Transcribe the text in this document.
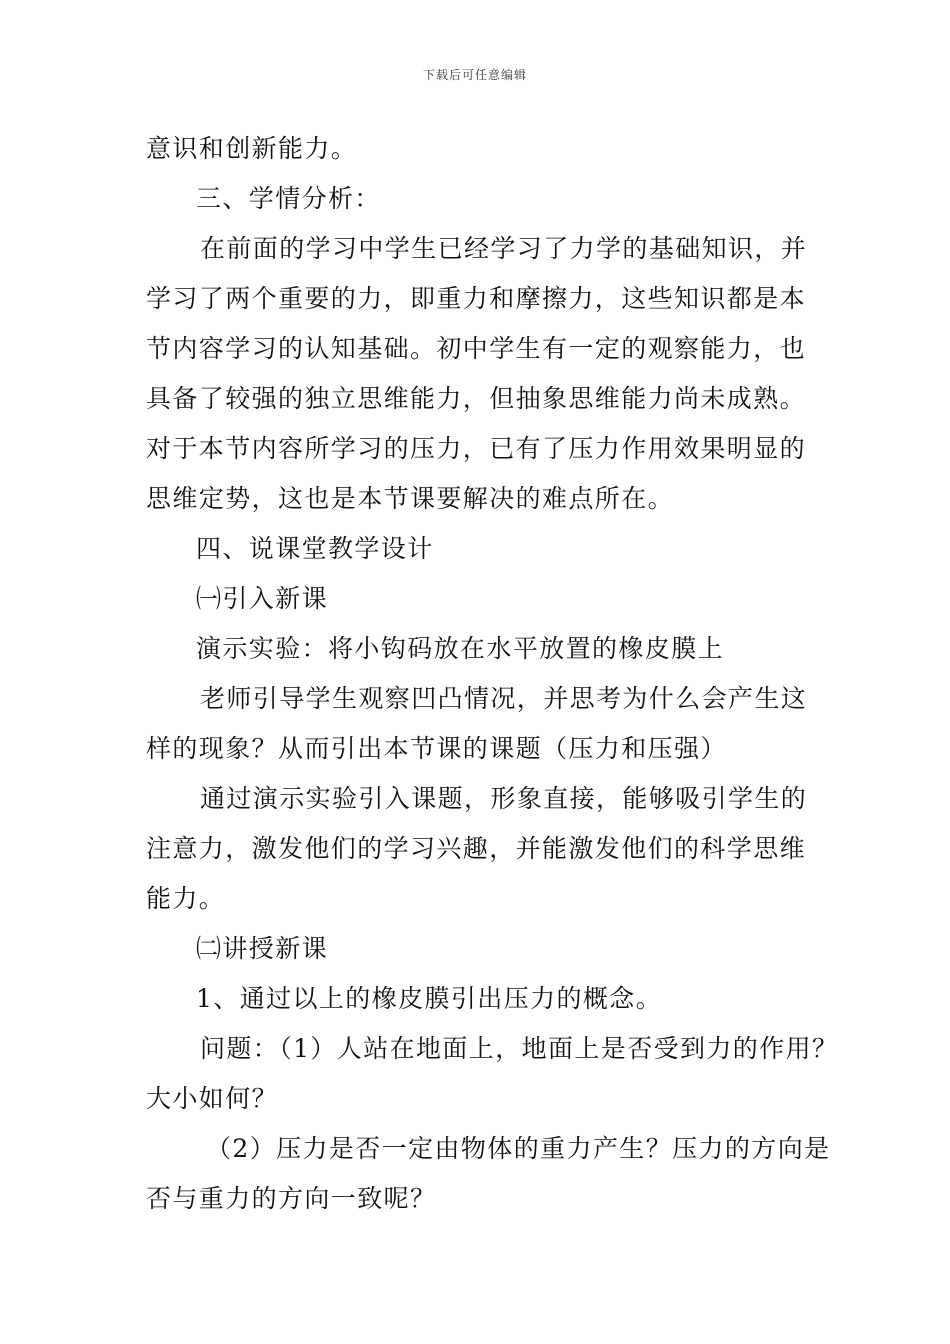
下载后可任意编辑
意识和创新能力。
三、学情分析：
在前面的学习中学生已经学习了力学的基础知识，并
学习了两个重要的力，即重力和摩擦力，这些知识都是本
节内容学习的认知基础。初中学生有一定的观察能力，也
具备了较强的独立思维能力，但抽象思维能力尚未成熟。
对于本节内容所学习的压力，已有了压力作用效果明显的
思维定势，这也是本节课要解决的难点所在。
四、说课堂教学设计
㈠引入新课
演示实验：将小钩码放在水平放置的橡皮膜上
老师引导学生观察凹凸情况，并思考为什么会产生这
样的现象？从而引出本节课的课题（压力和压强）
通过演示实验引入课题，形象直接，能够吸引学生的
注意力，激发他们的学习兴趣，并能激发他们的科学思维
能力。
㈡讲授新课
1、通过以上的橡皮膜引出压力的概念。
问题：（1）人站在地面上，地面上是否受到力的作用？
大小如何？
（2）压力是否一定由物体的重力产生？压力的方向是
否与重力的方向一致呢？
